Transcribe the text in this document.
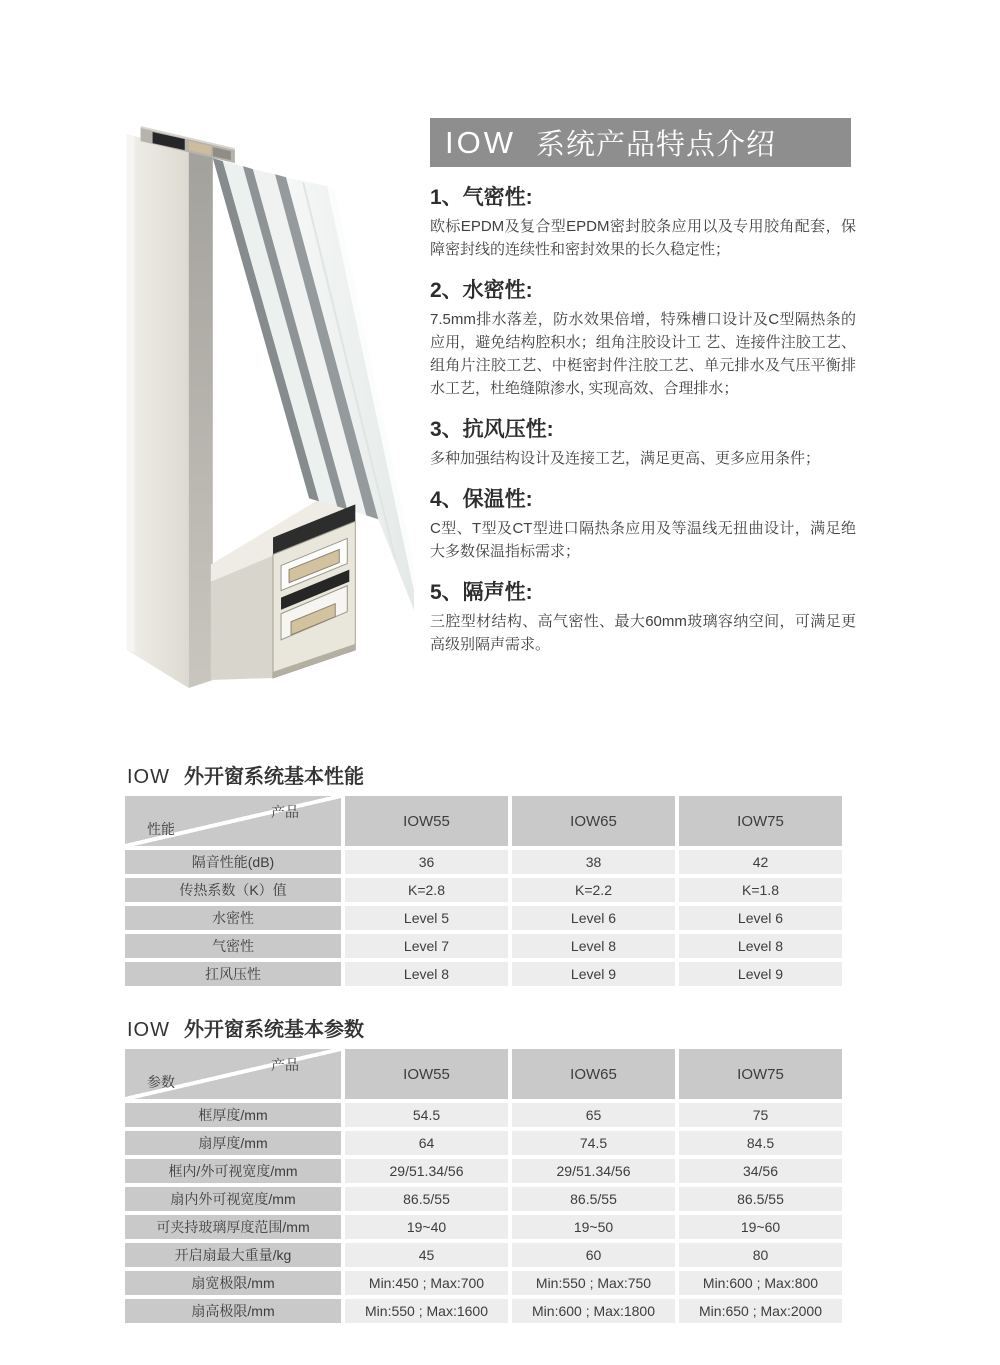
IOW 系统产品特点介绍
1、气密性:

欧标EPDM及复合型EPDM密封胶条应用以及专用胶角配套，保障密封线的连续性和密封效果的长久稳定性；

2、水密性:

7.5mm排水落差，防水效果倍增，特殊槽口设计及C型隔热条的应用，避免结构腔积水；组角注胶设计工 艺、连接件注胶工艺、组角片注胶工艺、中梃密封件注胶工艺、单元排水及气压平衡排水工艺，杜绝缝隙渗水, 实现高效、合理排水；

3、抗风压性:

多种加强结构设计及连接工艺，满足更高、更多应用条件；

4、保温性:

C型、T型及CT型进口隔热条应用及等温线无扭曲设计，满足绝大多数保温指标需求；

5、隔声性:

三腔型材结构、高气密性、最大60mm玻璃容纳空间，可满足更高级别隔声需求。

IOW 外开窗系统基本性能
产品
性能	IOW55	IOW65	IOW75
隔音性能(dB)	36	38	42
传热系数（K）值	K=2.8	K=2.2	K=1.8
水密性	Level 5	Level 6	Level 6
气密性	Level 7	Level 8	Level 8
扛风压性	Level 8	Level 9	Level 9
IOW 外开窗系统基本参数
产品
参数	IOW55	IOW65	IOW75
框厚度/mm	54.5	65	75
扇厚度/mm	64	74.5	84.5
框内/外可视宽度/mm	29/51.34/56	29/51.34/56	34/56
扇内外可视宽度/mm	86.5/55	86.5/55	86.5/55
可夹持玻璃厚度范围/mm	19~40	19~50	19~60
开启扇最大重量/kg	45	60	80
扇宽极限/mm	Min:450 ; Max:700	Min:550 ; Max:750	Min:600 ; Max:800
扇高极限/mm	Min:550 ; Max:1600	Min:600 ; Max:1800	Min:650 ; Max:2000
